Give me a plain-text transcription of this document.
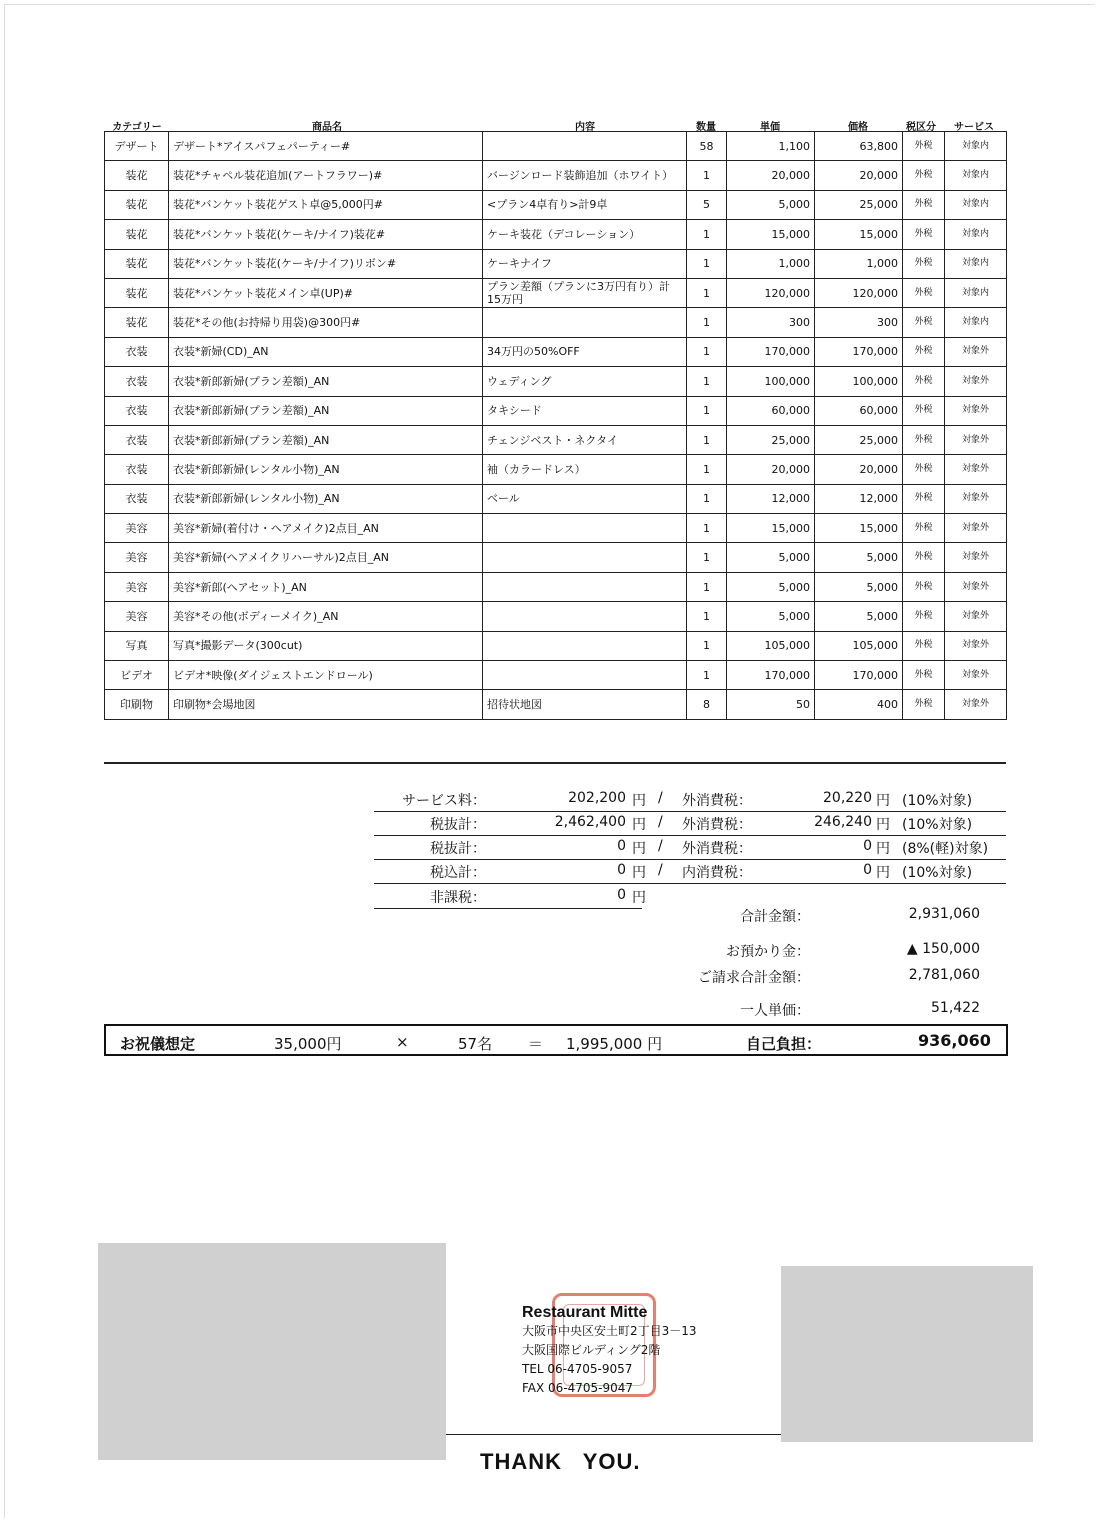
カテゴリー	商品名	内容	数量	単価	価格	税区分	サービス
デザート	デザート*アイスパフェパーティー#		58	1,100	63,800	外税	対象内
装花	装花*チャペル装花追加(アートフラワー)#	バージンロード装飾追加（ホワイト）	1	20,000	20,000	外税	対象内
装花	装花*バンケット装花ゲスト卓@5,000円#	<プラン4卓有り>計9卓	5	5,000	25,000	外税	対象内
装花	装花*バンケット装花(ケーキ/ナイフ)装花#	ケーキ装花（デコレーション）	1	15,000	15,000	外税	対象内
装花	装花*バンケット装花(ケーキ/ナイフ)リボン#	ケーキナイフ	1	1,000	1,000	外税	対象内
装花	装花*バンケット装花メイン卓(UP)#	プラン差額（プランに3万円有り）計15万円	1	120,000	120,000	外税	対象内
装花	装花*その他(お持帰り用袋)@300円#		1	300	300	外税	対象内
衣装	衣装*新婦(CD)_AN	34万円の50%OFF	1	170,000	170,000	外税	対象外
衣装	衣装*新郎新婦(プラン差額)_AN	ウェディング	1	100,000	100,000	外税	対象外
衣装	衣装*新郎新婦(プラン差額)_AN	タキシード	1	60,000	60,000	外税	対象外
衣装	衣装*新郎新婦(プラン差額)_AN	チェンジベスト・ネクタイ	1	25,000	25,000	外税	対象外
衣装	衣装*新郎新婦(レンタル小物)_AN	袖（カラードレス）	1	20,000	20,000	外税	対象外
衣装	衣装*新郎新婦(レンタル小物)_AN	ベール	1	12,000	12,000	外税	対象外
美容	美容*新婦(着付け・ヘアメイク)2点目_AN		1	15,000	15,000	外税	対象外
美容	美容*新婦(ヘアメイクリハーサル)2点目_AN		1	5,000	5,000	外税	対象外
美容	美容*新郎(ヘアセット)_AN		1	5,000	5,000	外税	対象外
美容	美容*その他(ボディーメイク)_AN		1	5,000	5,000	外税	対象外
写真	写真*撮影データ(300cut)		1	105,000	105,000	外税	対象外
ビデオ	ビデオ*映像(ダイジェストエンドロール)		1	170,000	170,000	外税	対象外
印刷物	印刷物*会場地図	招待状地図	8	50	400	外税	対象外
サービス料：	202,200 円 / 外消費税：	20,220 円 (10%対象)
税抜計：	2,462,400 円 / 外消費税：	246,240 円 (10%対象)
税抜計：	0 円 / 外消費税：	0 円 (8%(軽)対象)
税込計：	0 円 / 内消費税：	0 円 (10%対象)
非課税：	0 円
合計金額：	2,931,060
お預かり金：	▲ 150,000
ご請求合計金額：	2,781,060
一人単価：	51,422
お祝儀想定	35,000円	×	57名 ＝ 1,995,000 円	自己負担：	936,060
Restaurant Mitte
大阪市中央区安土町2丁目3－13
大阪国際ビルディング2階
TEL 06-4705-9057
FAX 06-4705-9047
THANK YOU.
